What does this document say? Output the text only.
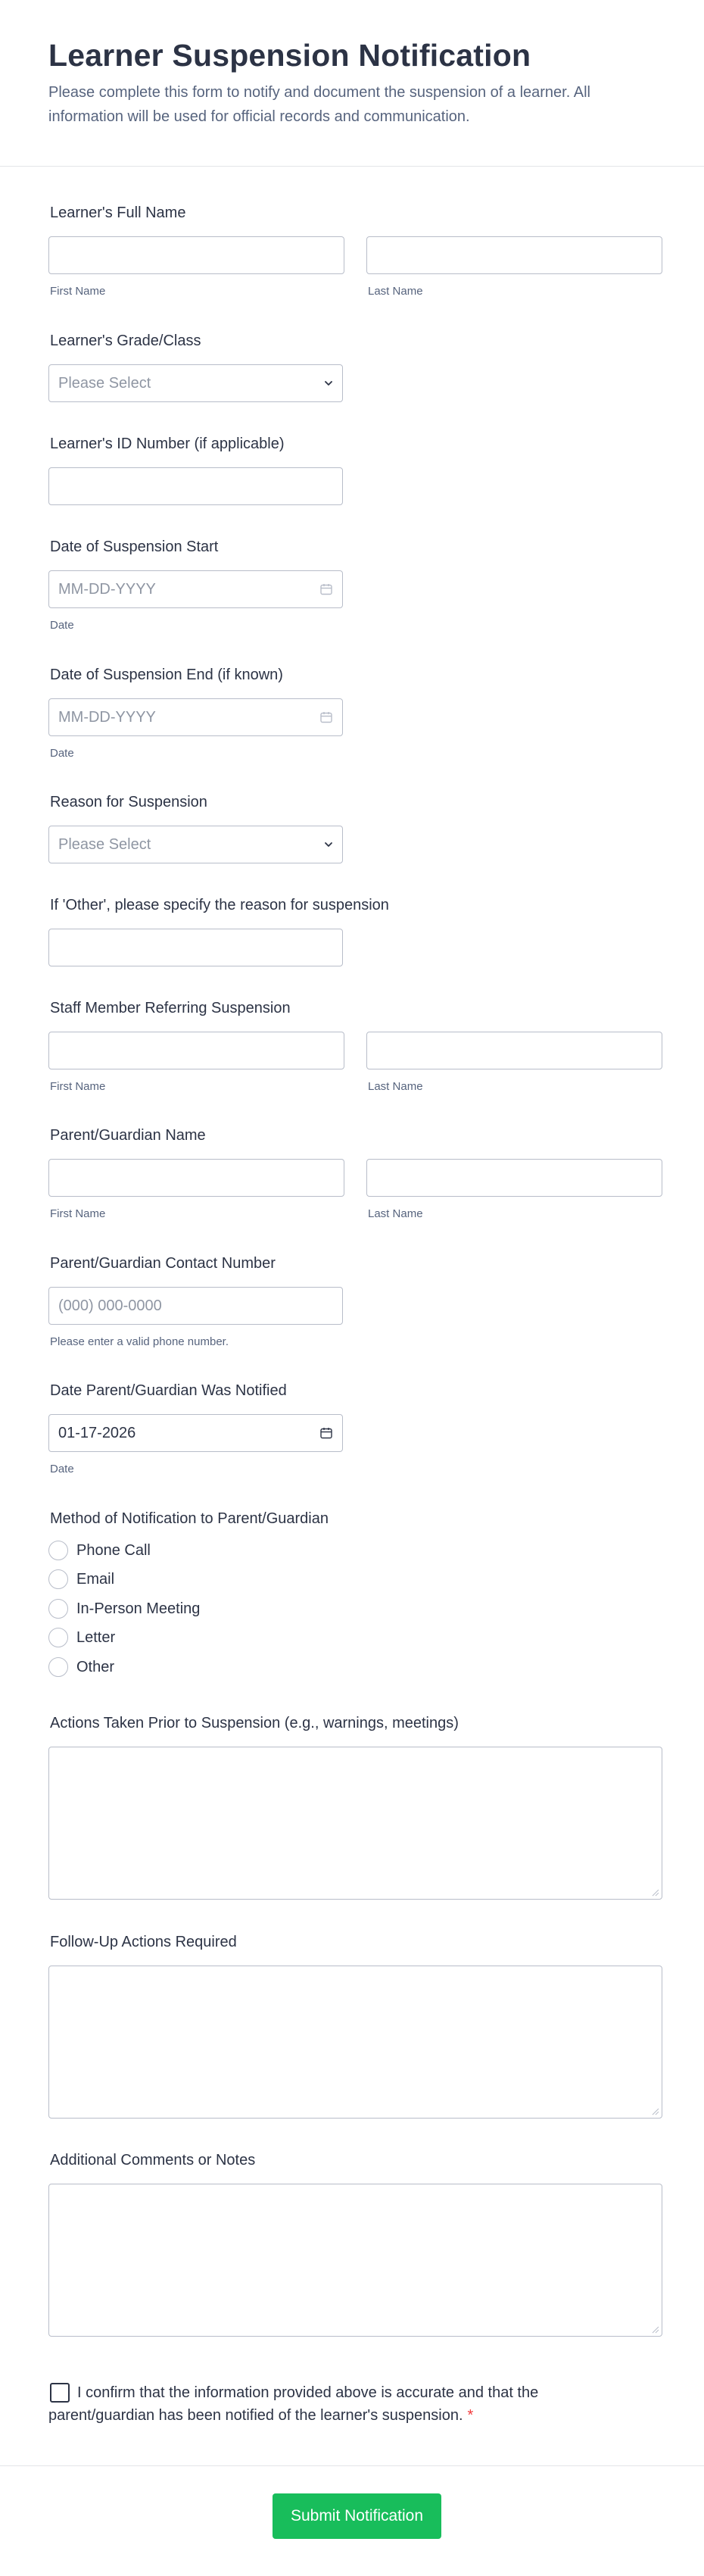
Learner Suspension Notification

Please complete this form to notify and document the suspension of a learner. All information will be used for official records and communication.

Learner's Full Name
First Name	Last Name
Learner's Grade/Class
Please Select
Learner's ID Number (if applicable)
Date of Suspension Start
MM-DD-YYYY
Date
Date of Suspension End (if known)
MM-DD-YYYY
Date
Reason for Suspension
Please Select
If 'Other', please specify the reason for suspension
Staff Member Referring Suspension
First Name	Last Name
Parent/Guardian Name
First Name	Last Name
Parent/Guardian Contact Number
(000) 000-0000
Please enter a valid phone number.
Date Parent/Guardian Was Notified
01-17-2026
Date
Method of Notification to Parent/Guardian
Phone Call
Email
In-Person Meeting
Letter
Other
Actions Taken Prior to Suspension (e.g., warnings, meetings)
Follow-Up Actions Required
Additional Comments or Notes
I confirm that the information provided above is accurate and that the parent/guardian has been notified of the learner's suspension. *
Submit Notification
